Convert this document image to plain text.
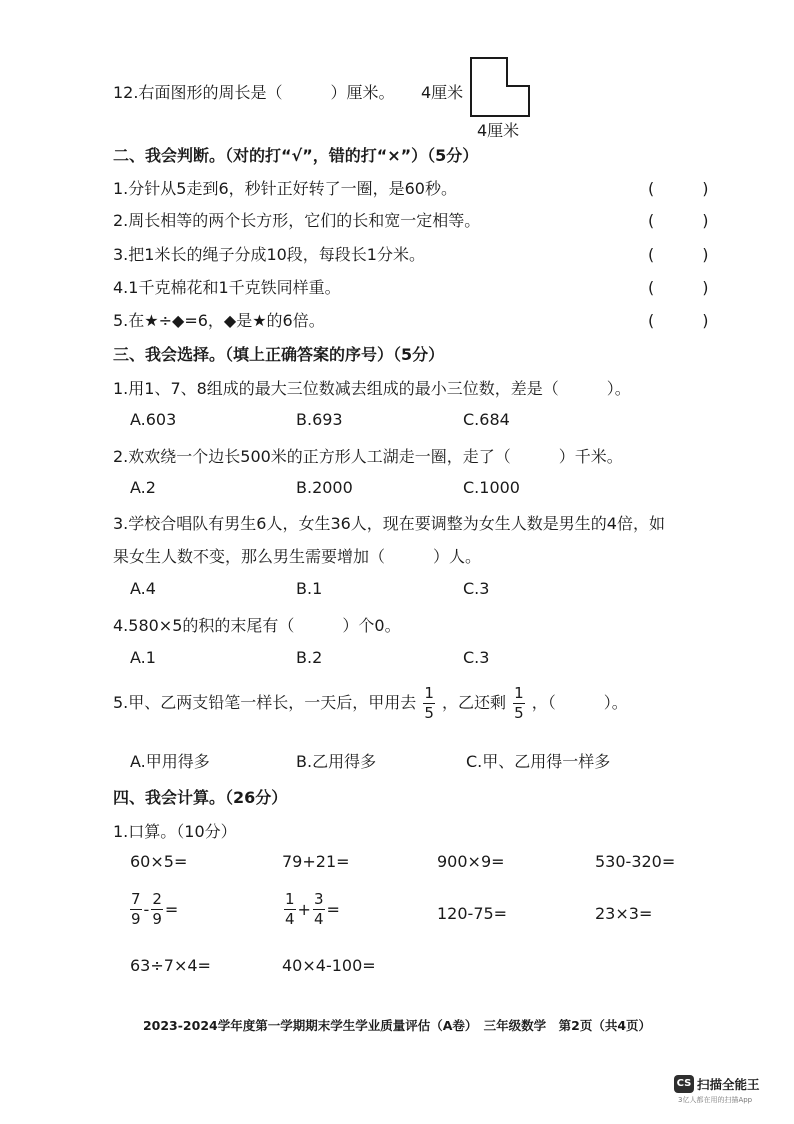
12.右面图形的周长是（　　　）厘米。 4厘米
4厘米
二、我会判断。（对的打“√”，错的打“×”）（5分）
1.分针从5走到6，秒针正好转了一圈，是60秒。	(　　　)
2.周长相等的两个长方形，它们的长和宽一定相等。	(　　　)
3.把1米长的绳子分成10段，每段长1分米。	(　　　)
4.1千克棉花和1千克铁同样重。	(　　　)
5.在★÷◆=6，◆是★的6倍。	(　　　)
三、我会选择。（填上正确答案的序号）（5分）
1.用1、7、8组成的最大三位数减去组成的最小三位数，差是（　　　）。
A.603	B.693	C.684
2.欢欢绕一个边长500米的正方形人工湖走一圈，走了（　　　）千米。
A.2	B.2000	C.1000
3.学校合唱队有男生6人，女生36人，现在要调整为女生人数是男生的4倍，如
果女生人数不变，那么男生需要增加（　　　）人。
A.4	B.1	C.3
4.580×5的积的末尾有（　　　）个0。
A.1	B.2	C.3
5.甲、乙两支铅笔一样长，一天后，甲用去 $\frac{1}{5}$ ，乙还剩 $\frac{1}{5}$ ，（　　　）。
A.甲用得多	B.乙用得多	C.甲、乙用得一样多
四、我会计算。（26分）
1.口算。（10分）
60×5=	79+21=	900×9=	530-320=
$\frac{7}{9} - \frac{2}{9}$ =	$\frac{1}{4} + \frac{3}{4}$ =	120-75=	23×3=
63÷7×4=	40×4-100=
2023-2024学年度第一学期期末学生学业质量评估（A卷）　三年级数学　第2页（共4页）
CS 扫描全能王
3亿人都在用的扫描App
